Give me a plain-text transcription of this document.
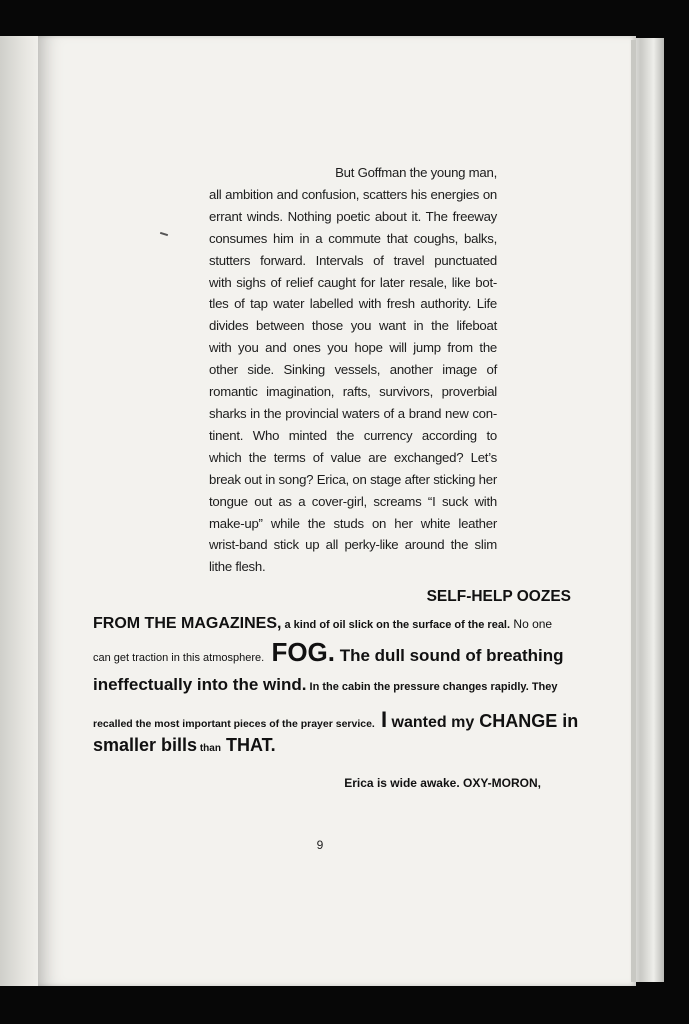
But Goffman the young man,
all ambition and confusion, scatters his energies on
errant winds. Nothing poetic about it. The freeway
consumes him in a commute that coughs, balks,
stutters forward. Intervals of travel punctuated
with sighs of relief caught for later resale, like bot-
tles of tap water labelled with fresh authority. Life
divides between those you want in the lifeboat
with you and ones you hope will jump from the
other side. Sinking vessels, another image of
romantic imagination, rafts, survivors, proverbial
sharks in the provincial waters of a brand new con-
tinent. Who minted the currency according to
which the terms of value are exchanged? Let’s
break out in song? Erica, on stage after sticking her
tongue out as a cover-girl, screams “I suck with
make-up” while the studs on her white leather
wrist-band stick up all perky-like around the slim
lithe flesh.
SELF-HELP OOZES
FROM THE MAGAZINES, a kind of oil slick on the surface of the real. No one
can get traction in this atmosphere. FOG. The dull sound of breathing
ineffectually into the wind. In the cabin the pressure changes rapidly. They
recalled the most important pieces of the prayer service. I wanted my CHANGE in
smaller bills than THAT.
Erica is wide awake. OXY-MORON,
9
